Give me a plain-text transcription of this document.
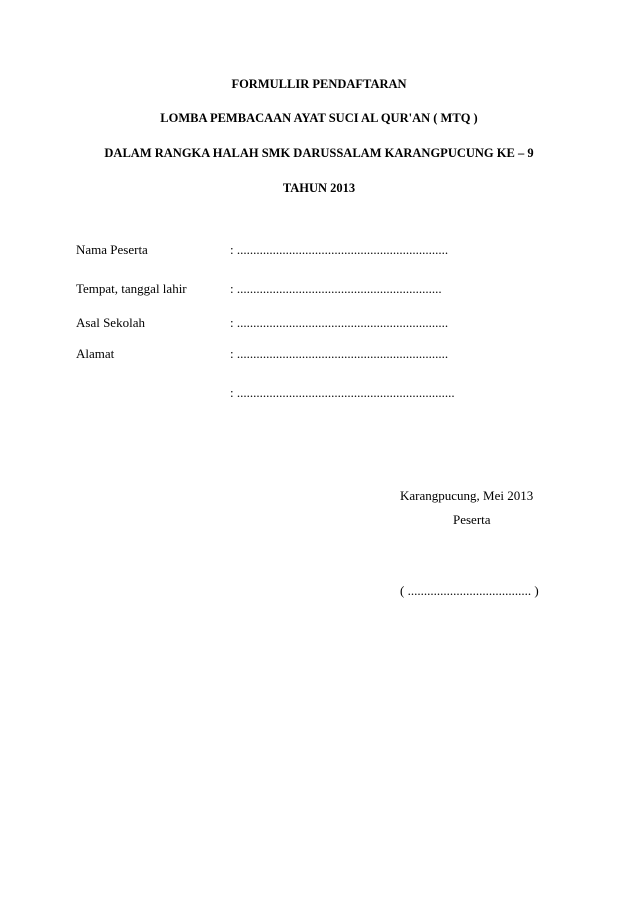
FORMULLIR PENDAFTARAN
LOMBA PEMBACAAN AYAT SUCI AL QUR'AN ( MTQ )
DALAM RANGKA HALAH SMK DARUSSALAM KARANGPUCUNG KE – 9
TAHUN 2013
Nama Peserta	: .................................................................
Tempat, tanggal lahir	: ...............................................................
Asal Sekolah	: .................................................................
Alamat	: .................................................................
: ...................................................................
Karangpucung, Mei 2013
Peserta
( ...................................... )
